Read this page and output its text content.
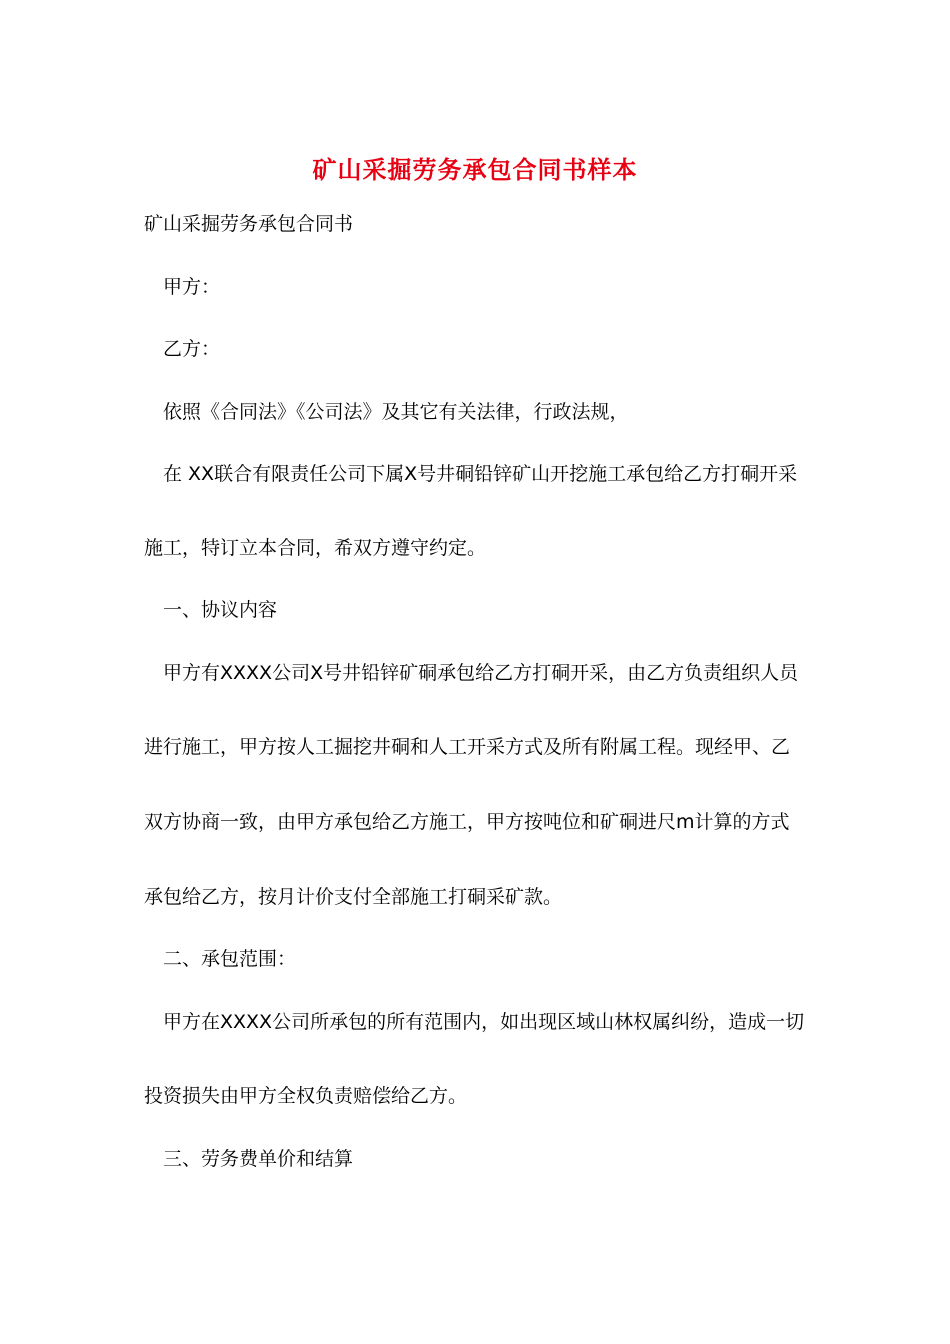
矿山采掘劳务承包合同书样本
矿山采掘劳务承包合同书
甲方：
乙方：
依照《合同法》《公司法》及其它有关法律，行政法规，
在 XX联合有限责任公司下属X号井硐铅锌矿山开挖施工承包给乙方打硐开采
施工，特订立本合同，希双方遵守约定。
一、协议内容
甲方有XXXX公司X号井铅锌矿硐承包给乙方打硐开采，由乙方负责组织人员
进行施工，甲方按人工掘挖井硐和人工开采方式及所有附属工程。现经甲、乙
双方协商一致，由甲方承包给乙方施工，甲方按吨位和矿硐进尺m计算的方式
承包给乙方，按月计价支付全部施工打硐采矿款。
二、承包范围：
甲方在XXXX公司所承包的所有范围内，如出现区域山林权属纠纷，造成一切
投资损失由甲方全权负责赔偿给乙方。
三、劳务费单价和结算
